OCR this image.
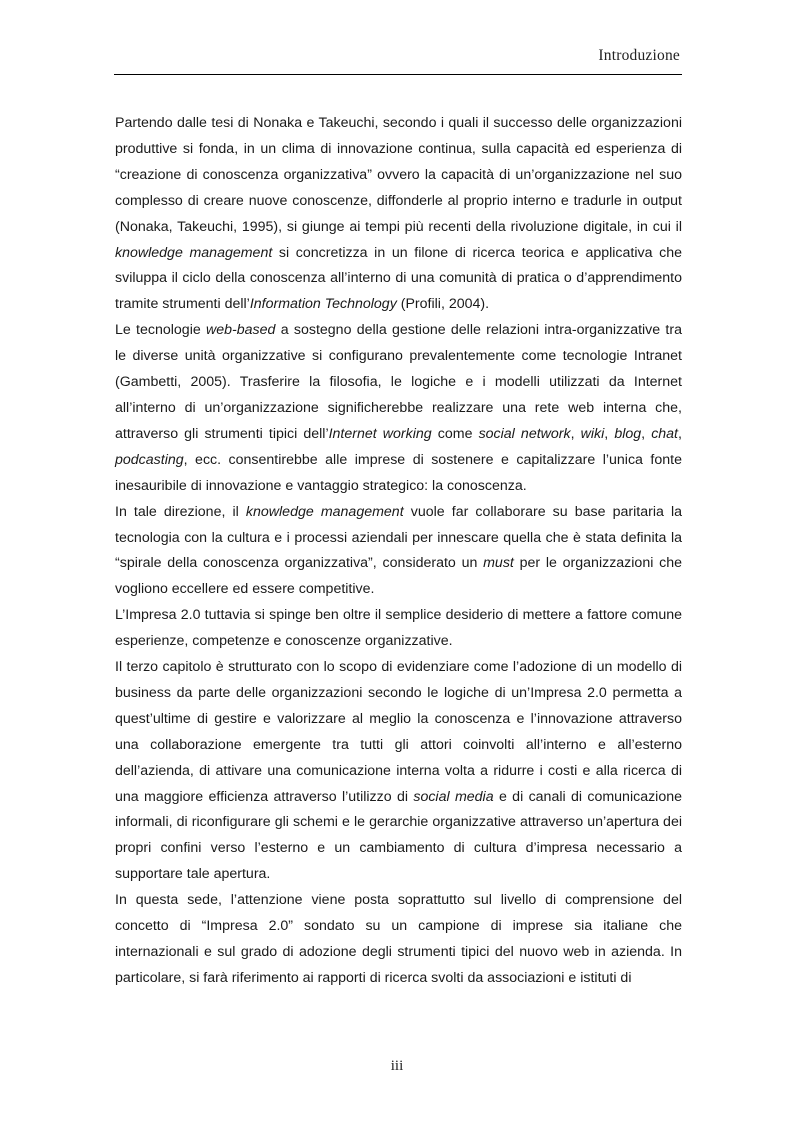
Introduzione

Partendo dalle tesi di Nonaka e Takeuchi, secondo i quali il successo delle organizzazioni produttive si fonda, in un clima di innovazione continua, sulla capacità ed esperienza di “creazione di conoscenza organizzativa” ovvero la capacità di un’organizzazione nel suo complesso di creare nuove conoscenze, diffonderle al proprio interno e tradurle in output (Nonaka, Takeuchi, 1995), si giunge ai tempi più recenti della rivoluzione digitale, in cui il knowledge management si concretizza in un filone di ricerca teorica e applicativa che sviluppa il ciclo della conoscenza all’interno di una comunità di pratica o d’apprendimento tramite strumenti dell’Information Technology (Profili, 2004).

Le tecnologie web-based a sostegno della gestione delle relazioni intra-organizzative tra le diverse unità organizzative si configurano prevalentemente come tecnologie Intranet (Gambetti, 2005). Trasferire la filosofia, le logiche e i modelli utilizzati da Internet all’interno di un’organizzazione significherebbe realizzare una rete web interna che, attraverso gli strumenti tipici dell’Internet working come social network, wiki, blog, chat, podcasting, ecc. consentirebbe alle imprese di sostenere e capitalizzare l’unica fonte inesauribile di innovazione e vantaggio strategico: la conoscenza.

In tale direzione, il knowledge management vuole far collaborare su base paritaria la tecnologia con la cultura e i processi aziendali per innescare quella che è stata definita la “spirale della conoscenza organizzativa”, considerato un must per le organizzazioni che vogliono eccellere ed essere competitive.

L’Impresa 2.0 tuttavia si spinge ben oltre il semplice desiderio di mettere a fattore comune esperienze, competenze e conoscenze organizzative.

Il terzo capitolo è strutturato con lo scopo di evidenziare come l’adozione di un modello di business da parte delle organizzazioni secondo le logiche di un’Impresa 2.0 permetta a quest’ultime di gestire e valorizzare al meglio la conoscenza e l’innovazione attraverso una collaborazione emergente tra tutti gli attori coinvolti all’interno e all’esterno dell’azienda, di attivare una comunicazione interna volta a ridurre i costi e alla ricerca di una maggiore efficienza attraverso l’utilizzo di social media e di canali di comunicazione informali, di riconfigurare gli schemi e le gerarchie organizzative attraverso un’apertura dei propri confini verso l’esterno e un cambiamento di cultura d’impresa necessario a supportare tale apertura.

In questa sede, l’attenzione viene posta soprattutto sul livello di comprensione del concetto di “Impresa 2.0” sondato su un campione di imprese sia italiane che internazionali e sul grado di adozione degli strumenti tipici del nuovo web in azienda. In particolare, si farà riferimento ai rapporti di ricerca svolti da associazioni e istituti di

iii
